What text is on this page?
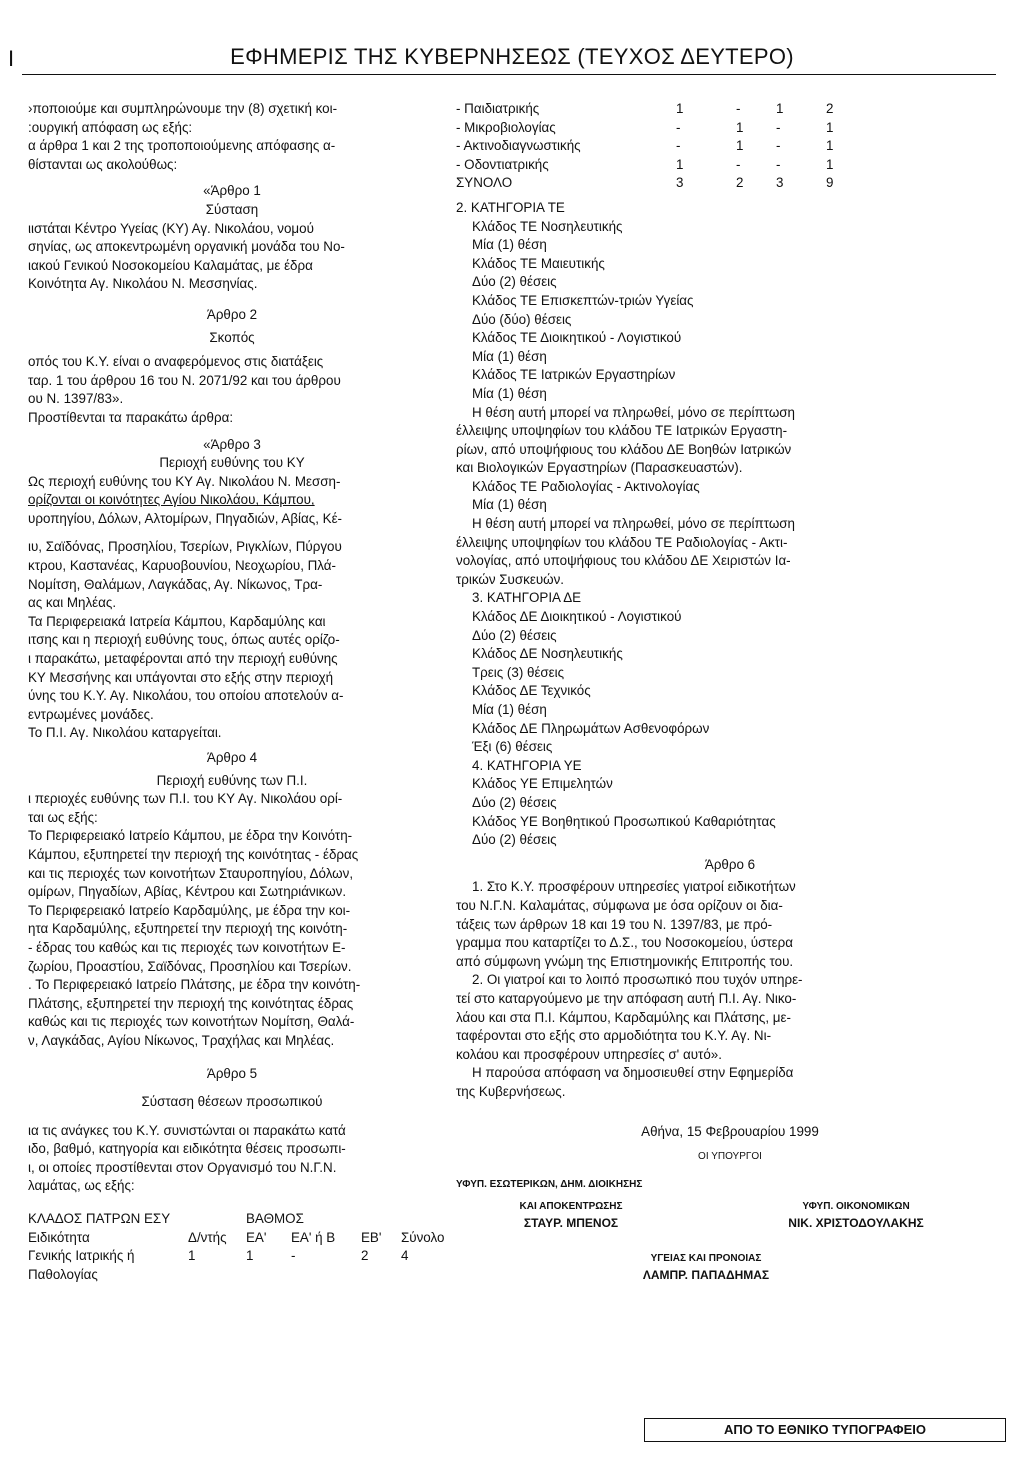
I	ΕΦΗΜΕΡΙΣ ΤΗΣ ΚΥΒΕΡΝΗΣΕΩΣ (ΤΕΥΧΟΣ ΔΕΥΤΕΡΟ)

›ποποιούμε και συμπληρώνουμε την (8) σχετική κοι-

:ουργική απόφαση ως εξής:

α άρθρα 1 και 2 της τροποποιούμενης απόφασης α-

θίστανται ως ακολούθως:

«Άρθρο 1

Σύσταση

ιιστάται Κέντρο Υγείας (ΚΥ) Αγ. Νικολάου, νομού

σηνίας, ως αποκεντρωμένη οργανική μονάδα του Νο-

ιακού Γενικού Νοσοκομείου Καλαμάτας, με έδρα

Κοινότητα Αγ. Νικολάου Ν. Μεσσηνίας.

Άρθρο 2

Σκοπός

οπός του Κ.Υ. είναι ο αναφερόμενος στις διατάξεις

ταρ. 1 του άρθρου 16 του Ν. 2071/92 και του άρθρου

ου Ν. 1397/83».

Προστίθενται τα παρακάτω άρθρα:

«Άρθρο 3

Περιοχή ευθύνης του ΚΥ

Ως περιοχή ευθύνης του ΚΥ Αγ. Νικολάου Ν. Μεσση-

ορίζονται οι κοινότητες Αγίου Νικολάου, Κάμπου,

υροπηγίου, Δόλων, Αλτομίρων, Πηγαδιών, Αβίας, Κέ-

ιυ, Σαϊδόνας, Προσηλίου, Τσερίων, Ριγκλίων, Πύργου

κτρου, Καστανέας, Καρυοβουνίου, Νεοχωρίου, Πλά-

Νομίτση, Θαλάμων, Λαγκάδας, Αγ. Νίκωνος, Τρα-

ας και Μηλέας.

Τα Περιφερειακά Ιατρεία Κάμπου, Καρδαμύλης και

ιτσης και η περιοχή ευθύνης τους, όπως αυτές ορίζο-

ι παρακάτω, μεταφέρονται από την περιοχή ευθύνης

ΚΥ Μεσσήνης και υπάγονται στο εξής στην περιοχή

ύνης του Κ.Υ. Αγ. Νικολάου, του οποίου αποτελούν α-

εντρωμένες μονάδες.

Το Π.Ι. Αγ. Νικολάου καταργείται.

Άρθρο 4

Περιοχή ευθύνης των Π.Ι.

ι περιοχές ευθύνης των Π.Ι. του ΚΥ Αγ. Νικολάου ορί-

ται ως εξής:

Το Περιφερειακό Ιατρείο Κάμπου, με έδρα την Κοινότη-

Κάμπου, εξυπηρετεί την περιοχή της κοινότητας - έδρας

και τις περιοχές των κοινοτήτων Σταυροπηγίου, Δόλων,

ομίρων, Πηγαδίων, Αβίας, Κέντρου και Σωτηριάνικων.

Το Περιφερειακό Ιατρείο Καρδαμύλης, με έδρα την κοι-

ητα Καρδαμύλης, εξυπηρετεί την περιοχή της κοινότη-

- έδρας του καθώς και τις περιοχές των κοινοτήτων Ε-

ζωρίου, Προαστίου, Σαϊδόνας, Προσηλίου και Τσερίων.

. Το Περιφερειακό Ιατρείο Πλάτσης, με έδρα την κοινότη-

Πλάτσης, εξυπηρετεί την περιοχή της κοινότητας έδρας

καθώς και τις περιοχές των κοινοτήτων Νομίτση, Θαλά-

ν, Λαγκάδας, Αγίου Νίκωνος, Τραχήλας και Μηλέας.

Άρθρο 5

Σύσταση θέσεων προσωπικού

ια τις ανάγκες του Κ.Υ. συνιστώνται οι παρακάτω κατά

ιδο, βαθμό, κατηγορία και ειδικότητα θέσεις προσωπι-

ι, οι οποίες προστίθενται στον Οργανισμό του Ν.Γ.Ν.

λαμάτας, ως εξής:

ΚΛΑΔΟΣ ΠΑΤΡΩΝ ΕΣΥ	ΒΑΘΜΟΣ
Ειδικότητα	Δ/ντής	ΕΑ'	ΕΑ' ή Β	ΕΒ'	Σύνολο
Γενικής Ιατρικής ή	1	1	-	2	4
Παθολογίας
- Παιδιατρικής	1	-	1	2
- Μικροβιολογίας	-	1	-	1
- Ακτινοδιαγνωστικής	-	1	-	1
- Οδοντιατρικής	1	-	-	1
ΣΥΝΟΛΟ	3	2	3	9

2. ΚΑΤΗΓΟΡΙΑ ΤΕ

Κλάδος ΤΕ Νοσηλευτικής

Μία (1) θέση

Κλάδος ΤΕ Μαιευτικής

Δύο (2) θέσεις

Κλάδος ΤΕ Επισκεπτών-τριών Υγείας

Δύο (δύο) θέσεις

Κλάδος ΤΕ Διοικητικού - Λογιστικού

Μία (1) θέση

Κλάδος ΤΕ Ιατρικών Εργαστηρίων

Μία (1) θέση

Η θέση αυτή μπορεί να πληρωθεί, μόνο σε περίπτωση

έλλειψης υποψηφίων του κλάδου ΤΕ Ιατρικών Εργαστη-

ρίων, από υποψήφιους του κλάδου ΔΕ Βοηθών Ιατρικών

και Βιολογικών Εργαστηρίων (Παρασκευαστών).

Κλάδος ΤΕ Ραδιολογίας - Ακτινολογίας

Μία (1) θέση

Η θέση αυτή μπορεί να πληρωθεί, μόνο σε περίπτωση

έλλειψης υποψηφίων του κλάδου ΤΕ Ραδιολογίας - Ακτι-

νολογίας, από υποψήφιους του κλάδου ΔΕ Χειριστών Ια-

τρικών Συσκευών.

3. ΚΑΤΗΓΟΡΙΑ ΔΕ

Κλάδος ΔΕ Διοικητικού - Λογιστικού

Δύο (2) θέσεις

Κλάδος ΔΕ Νοσηλευτικής

Τρεις (3) θέσεις

Κλάδος ΔΕ Τεχνικός

Μία (1) θέση

Κλάδος ΔΕ Πληρωμάτων Ασθενοφόρων

Έξι (6) θέσεις

4. ΚΑΤΗΓΟΡΙΑ ΥΕ

Κλάδος ΥΕ Επιμελητών

Δύο (2) θέσεις

Κλάδος ΥΕ Βοηθητικού Προσωπικού Καθαριότητας

Δύο (2) θέσεις

Άρθρο 6

1. Στο Κ.Υ. προσφέρουν υπηρεσίες γιατροί ειδικοτήτων

του Ν.Γ.Ν. Καλαμάτας, σύμφωνα με όσα ορίζουν οι δια-

τάξεις των άρθρων 18 και 19 του Ν. 1397/83, με πρό-

γραμμα που καταρτίζει το Δ.Σ., του Νοσοκομείου, ύστερα

από σύμφωνη γνώμη της Επιστημονικής Επιτροπής του.

2. Οι γιατροί και το λοιπό προσωπικό που τυχόν υπηρε-

τεί στο καταργούμενο με την απόφαση αυτή Π.Ι. Αγ. Νικο-

λάου και στα Π.Ι. Κάμπου, Καρδαμύλης και Πλάτσης, με-

ταφέρονται στο εξής στο αρμοδιότητα του Κ.Υ. Αγ. Νι-

κολάου και προσφέρουν υπηρεσίες σ' αυτό».

Η παρούσα απόφαση να δημοσιευθεί στην Εφημερίδα

της Κυβερνήσεως.

Αθήνα, 15 Φεβρουαρίου 1999

ΟΙ ΥΠΟΥΡΓΟΙ

ΥΦΥΠ. ΕΣΩΤΕΡΙΚΩΝ, ΔΗΜ. ΔΙΟΙΚΗΣΗΣ

ΚΑΙ ΑΠΟΚΕΝΤΡΩΣΗΣ

ΣΤΑΥΡ. ΜΠΕΝΟΣ

ΥΦΥΠ. ΟΙΚΟΝΟΜΙΚΩΝ

ΝΙΚ. ΧΡΙΣΤΟΔΟΥΛΑΚΗΣ

ΥΓΕΙΑΣ ΚΑΙ ΠΡΟΝΟΙΑΣ

ΛΑΜΠΡ. ΠΑΠΑΔΗΜΑΣ

ΑΠΟ ΤΟ ΕΘΝΙΚΟ ΤΥΠΟΓΡΑΦΕΙΟ
